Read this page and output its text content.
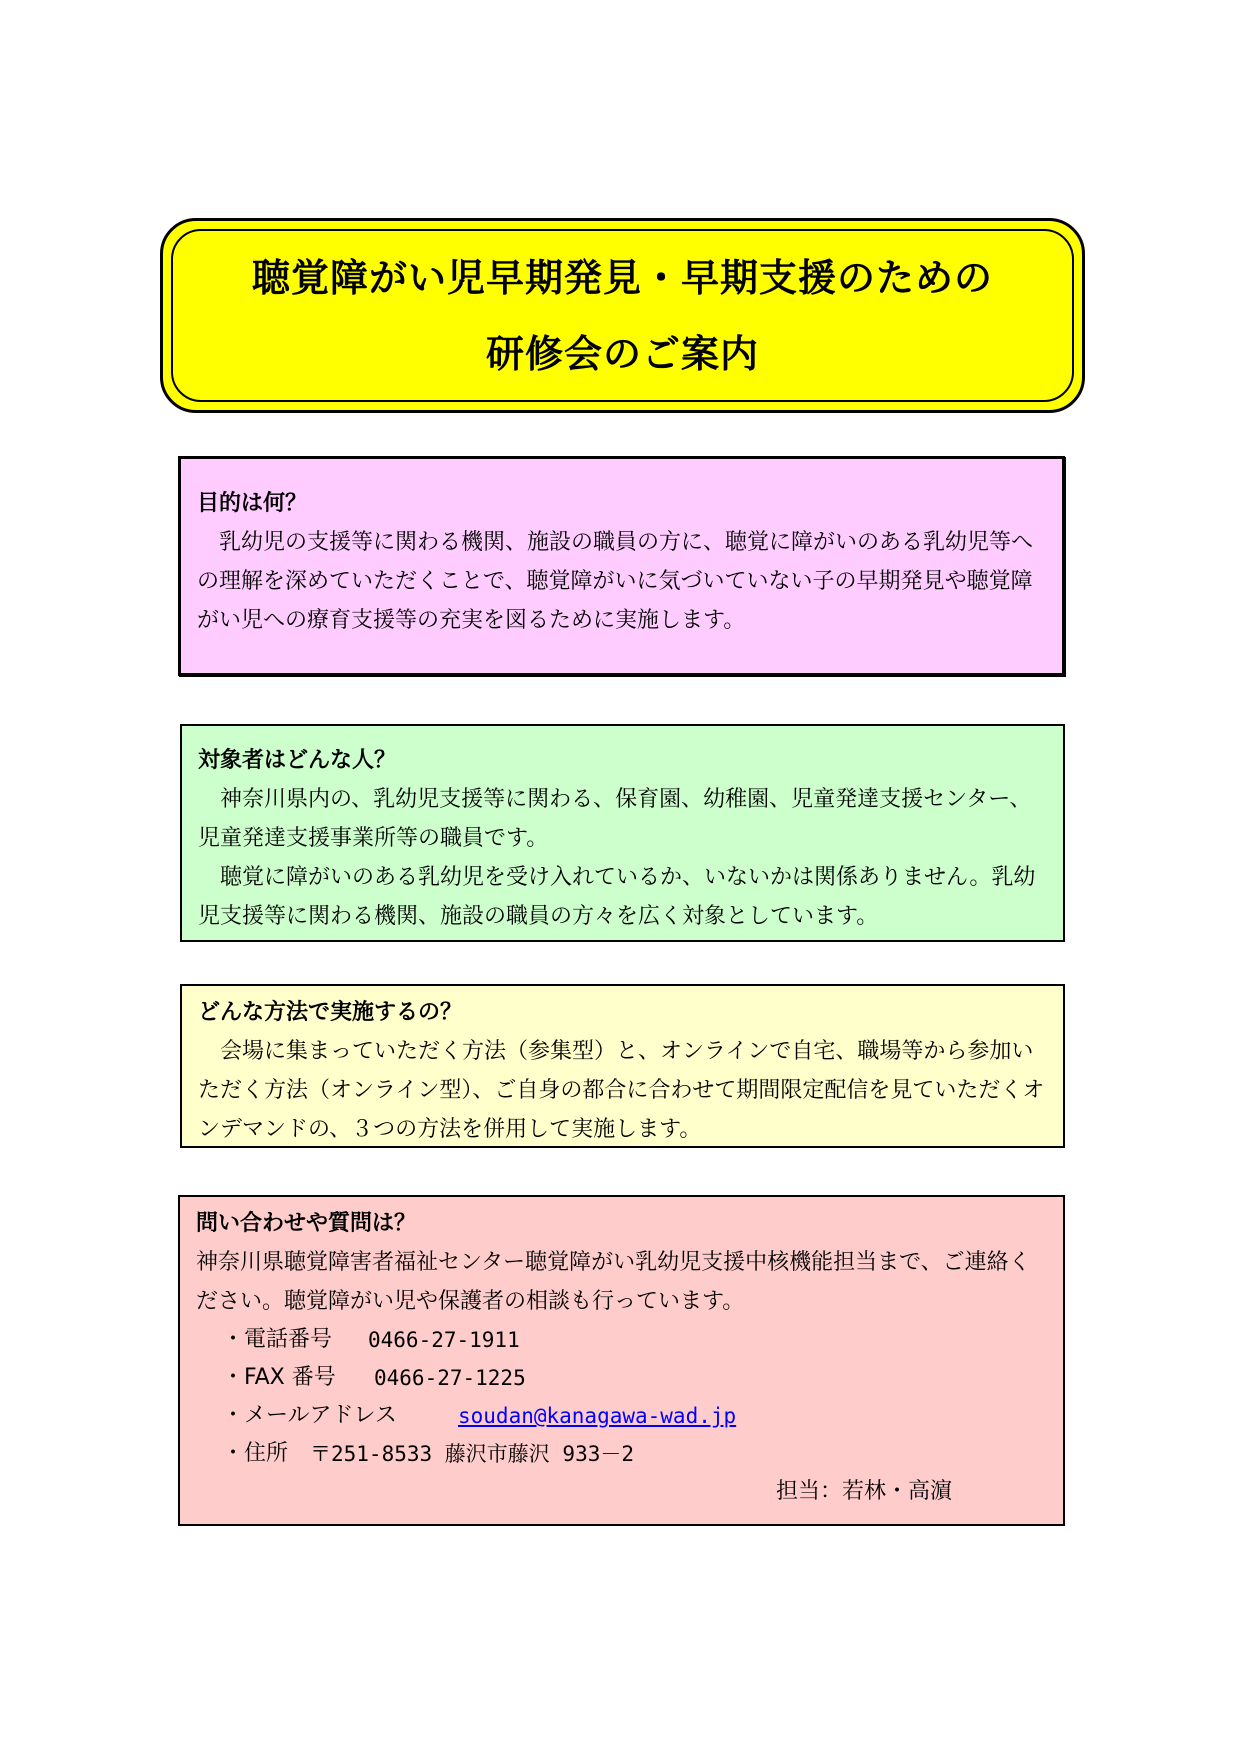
聴覚障がい児早期発見・早期支援のための
研修会のご案内
目的は何？

乳幼児の支援等に関わる機関、施設の職員の方に、聴覚に障がいのある乳幼児等への理解を深めていただくことで、聴覚障がいに気づいていない子の早期発見や聴覚障がい児への療育支援等の充実を図るために実施します。

対象者はどんな人？

神奈川県内の、乳幼児支援等に関わる、保育園、幼稚園、児童発達支援センター、児童発達支援事業所等の職員です。

聴覚に障がいのある乳幼児を受け入れているか、いないかは関係ありません。乳幼児支援等に関わる機関、施設の職員の方々を広く対象としています。

どんな方法で実施するの？

会場に集まっていただく方法（参集型）と、オンラインで自宅、職場等から参加いただく方法（オンライン型）、ご自身の都合に合わせて期間限定配信を見ていただくオンデマンドの、３つの方法を併用して実施します。

問い合わせや質問は？

神奈川県聴覚障害者福祉センター聴覚障がい乳幼児支援中核機能担当まで、ご連絡ください。聴覚障がい児や保護者の相談も行っています。

・電話番号	0466-27-1911
・FAX 番号	0466-27-1225
・メールアドレス	soudan@kanagawa-wad.jp
・住所	〒251-8533 藤沢市藤沢 933－2
担当：若林・高濵
